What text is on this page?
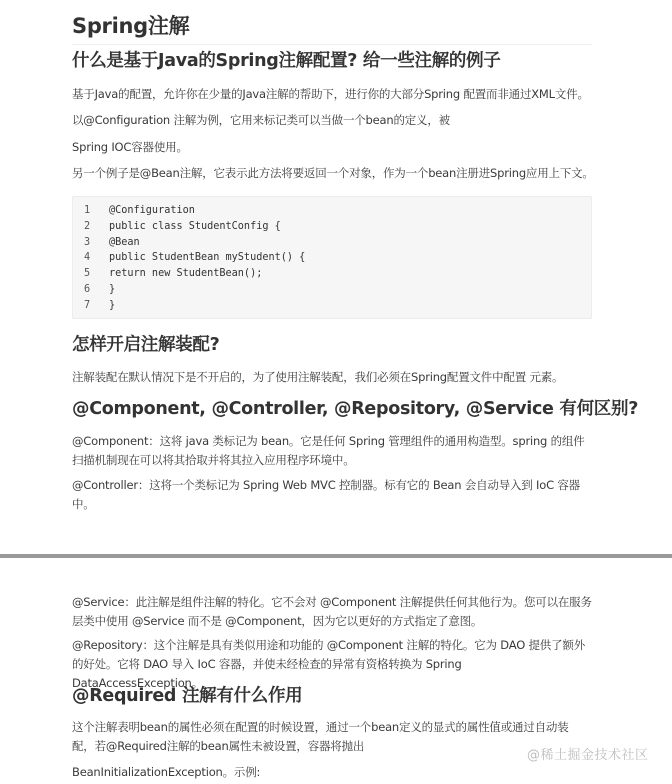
Spring注解
什么是基于Java的Spring注解配置? 给一些注解的例子

基于Java的配置，允许你在少量的Java注解的帮助下，进行你的大部分Spring 配置而非通过XML文件。

以@Configuration 注解为例，它用来标记类可以当做一个bean的定义，被

Spring IOC容器使用。

另一个例子是@Bean注解，它表示此方法将要返回一个对象，作为一个bean注册进Spring应用上下文。

1	@Configuration
2	public class StudentConfig {
3	@Bean
4	public StudentBean myStudent() {
5	return new StudentBean();
6	}
7	}
怎样开启注解装配?

注解装配在默认情况下是不开启的，为了使用注解装配，我们必须在Spring配置文件中配置 元素。

@Component, @Controller, @Repository, @Service 有何区别?

@Component：这将 java 类标记为 bean。它是任何 Spring 管理组件的通用构造型。spring 的组件扫描机制现在可以将其拾取并将其拉入应用程序环境中。

@Controller：这将一个类标记为 Spring Web MVC 控制器。标有它的 Bean 会自动导入到 IoC 容器中。

@Service：此注解是组件注解的特化。它不会对 @Component 注解提供任何其他行为。您可以在服务层类中使用 @Service 而不是 @Component，因为它以更好的方式指定了意图。

@Repository：这个注解是具有类似用途和功能的 @Component 注解的特化。它为 DAO 提供了额外的好处。它将 DAO 导入 IoC 容器，并使未经检查的异常有资格转换为 Spring DataAccessException。

@Required 注解有什么作用

这个注解表明bean的属性必须在配置的时候设置，通过一个bean定义的显式的属性值或通过自动装配，若@Required注解的bean属性未被设置，容器将抛出

BeanInitializationException。示例:

@稀土掘金技术社区
